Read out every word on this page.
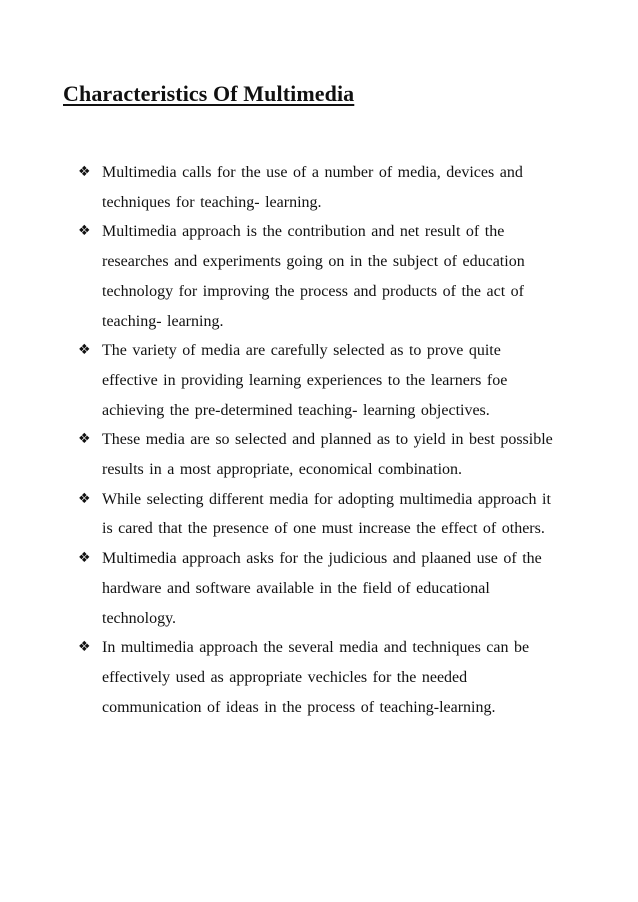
Characteristics Of Multimedia
❖ Multimedia calls for the use of a number of media, devices and
techniques for teaching- learning.
❖ Multimedia approach is the contribution and net result of the
researches and experiments going on in the subject of education
technology for improving the process and products of the act of
teaching- learning.
❖ The variety of media are carefully selected as to prove quite
effective in providing learning experiences to the learners foe
achieving the pre-determined teaching- learning objectives.
❖ These media are so selected and planned as to yield in best possible
results in a most appropriate, economical combination.
❖ While selecting different media for adopting multimedia approach it
is cared that the presence of one must increase the effect of others.
❖ Multimedia approach asks for the judicious and plaaned use of the
hardware and software available in the field of educational
technology.
❖ In multimedia approach the several media and techniques can be
effectively used as appropriate vechicles for the needed
communication of ideas in the process of teaching-learning.
